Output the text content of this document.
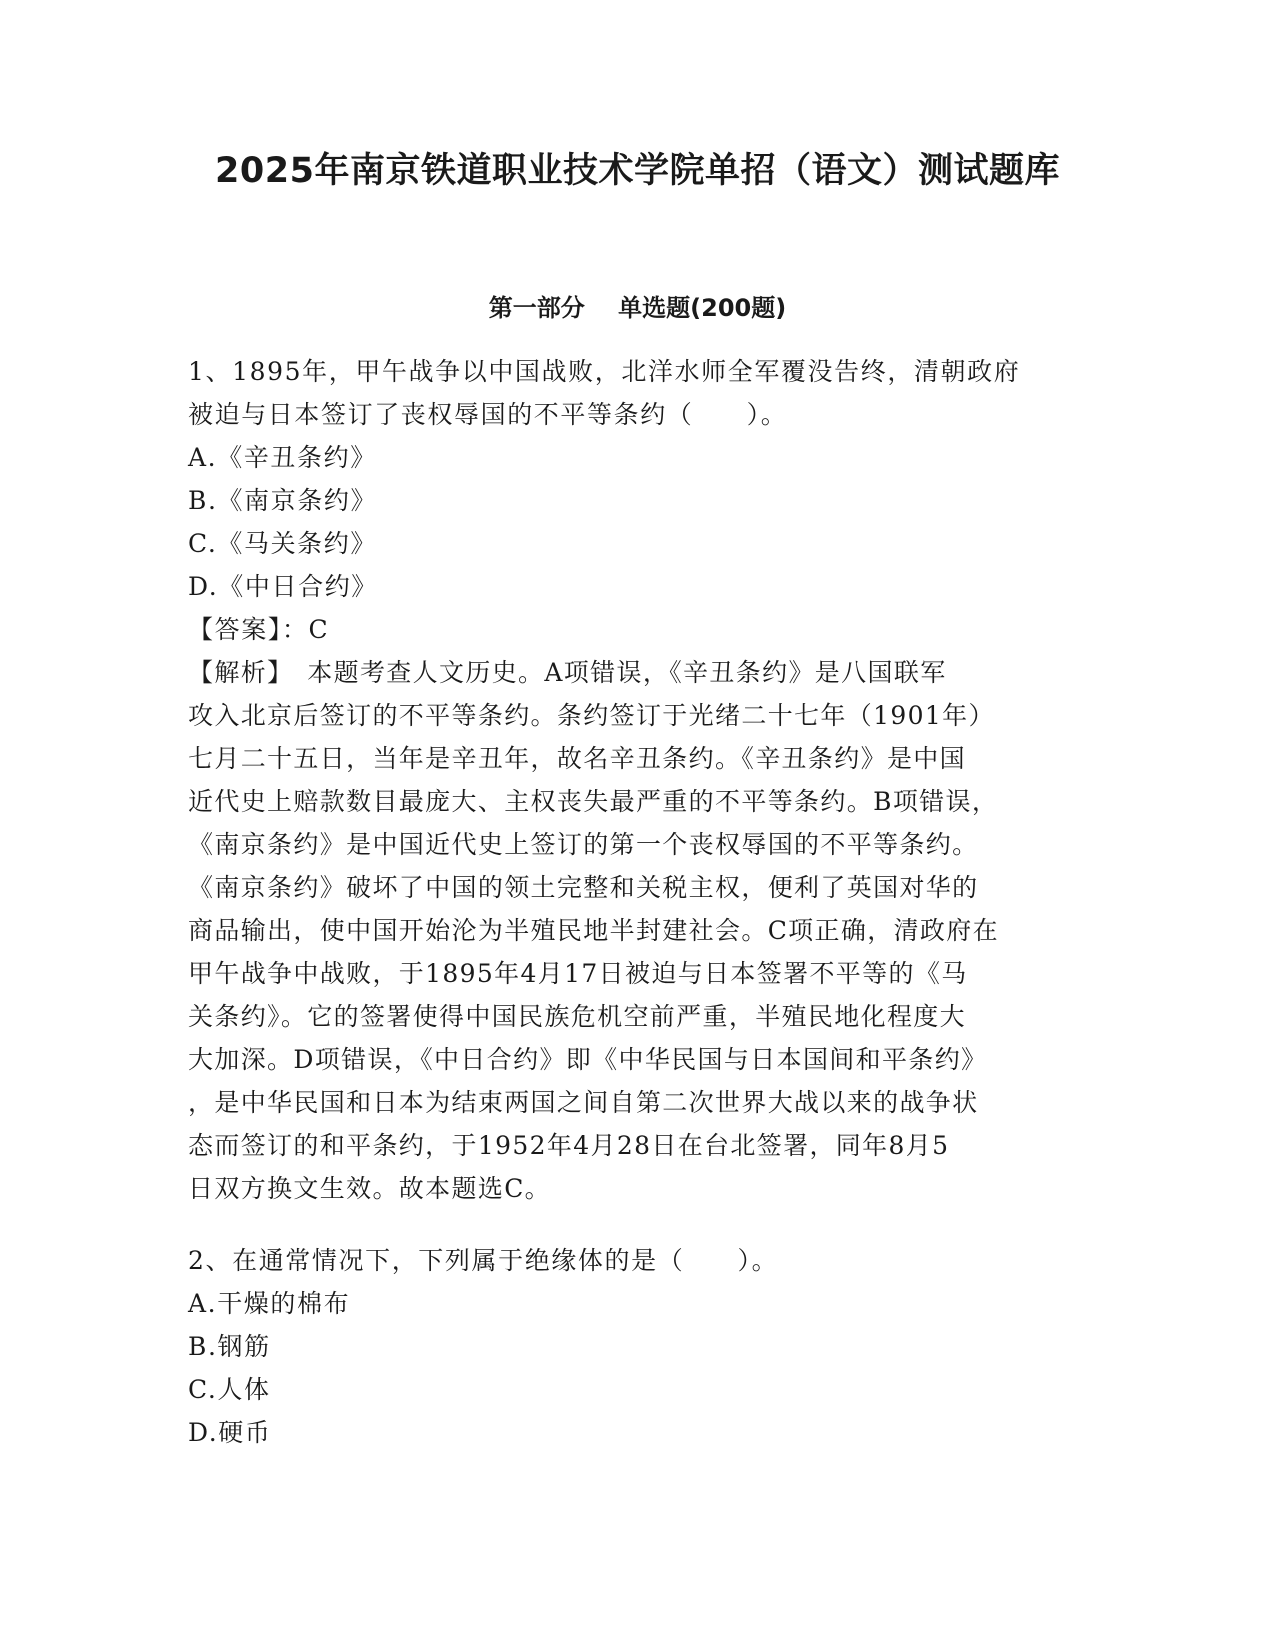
2025年南京铁道职业技术学院单招（语文）测试题库
第一部分    单选题(200题)
1、1895年，甲午战争以中国战败，北洋水师全军覆没告终，清朝政府
被迫与日本签订了丧权辱国的不平等条约（　　）。
A.《辛丑条约》
B.《南京条约》
C.《马关条约》
D.《中日合约》
【答案】：C
【解析】　本题考查人文历史。A项错误，《辛丑条约》是八国联军
攻入北京后签订的不平等条约。条约签订于光绪二十七年（1901年）
七月二十五日，当年是辛丑年，故名辛丑条约。《辛丑条约》是中国
近代史上赔款数目最庞大、主权丧失最严重的不平等条约。B项错误，
《南京条约》是中国近代史上签订的第一个丧权辱国的不平等条约。
《南京条约》破坏了中国的领土完整和关税主权，便利了英国对华的
商品输出，使中国开始沦为半殖民地半封建社会。C项正确，清政府在
甲午战争中战败，于1895年4月17日被迫与日本签署不平等的《马
关条约》。它的签署使得中国民族危机空前严重，半殖民地化程度大
大加深。D项错误，《中日合约》即《中华民国与日本国间和平条约》
，是中华民国和日本为结束两国之间自第二次世界大战以来的战争状
态而签订的和平条约，于1952年4月28日在台北签署，同年8月5
日双方换文生效。故本题选C。
2、在通常情况下，下列属于绝缘体的是（　　）。
A.干燥的棉布
B.钢筋
C.人体
D.硬币
